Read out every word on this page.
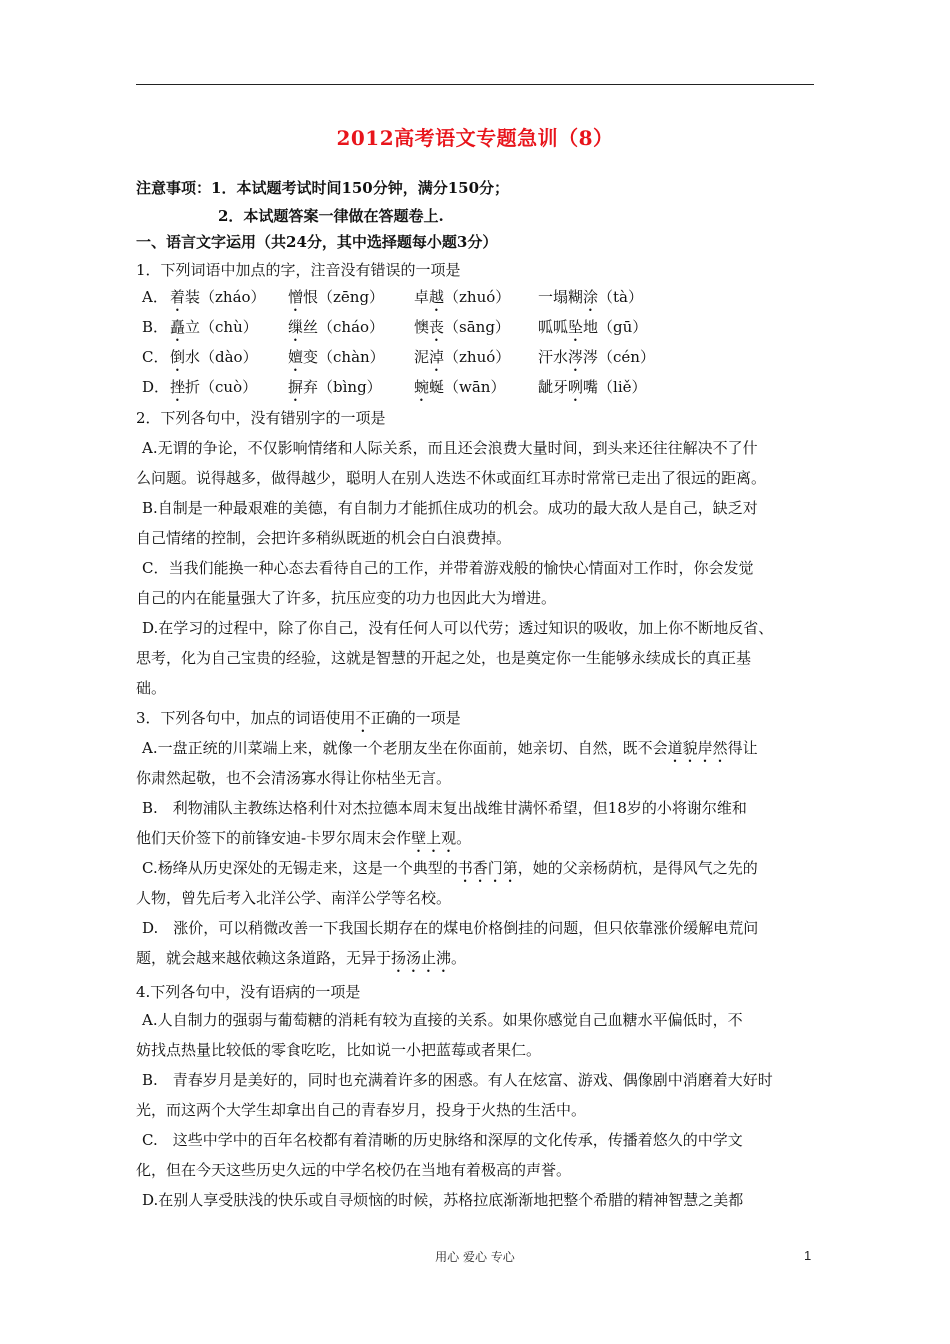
2012高考语文专题急训（8）
注意事项：1．本试题考试时间150分钟，满分150分；
2．本试题答案一律做在答题卷上.
一、语言文字运用（共24分，其中选择题每小题3分）
1．下列词语中加点的字，注音没有错误的一项是
A． 着装（zháo） 憎恨（zēng） 卓越（zhuó） 一塌糊涂（tà）
B． 矗立（chù） 缫丝（cháo） 懊丧（sāng） 呱呱坠地（gū）
C． 倒水（dào） 嬗变（chàn） 泥淖（zhuó） 汗水涔涔（cén）
D． 挫折（cuò） 摒弃（bìng） 蜿蜒（wān） 龇牙咧嘴（liě）
2．下列各句中，没有错别字的一项是
A.无谓的争论，不仅影响情绪和人际关系，而且还会浪费大量时间，到头来还往往解决不了什
么问题。说得越多，做得越少，聪明人在别人迭迭不休或面红耳赤时常常已走出了很远的距离。
B.自制是一种最艰难的美德，有自制力才能抓住成功的机会。成功的最大敌人是自己，缺乏对
自己情绪的控制，会把许多稍纵既逝的机会白白浪费掉。
C．当我们能换一种心态去看待自己的工作，并带着游戏般的愉快心情面对工作时，你会发觉
自己的内在能量强大了许多，抗压应变的功力也因此大为增进。
D.在学习的过程中，除了你自己，没有任何人可以代劳；透过知识的吸收，加上你不断地反省、
思考，化为自己宝贵的经验，这就是智慧的开起之处，也是奠定你一生能够永续成长的真正基
础。
3．下列各句中，加点的词语使用不正确的一项是
A.一盘正统的川菜端上来，就像一个老朋友坐在你面前，她亲切、自然，既不会道貌岸然得让
你肃然起敬，也不会清汤寡水得让你枯坐无言。
B.　利物浦队主教练达格利什对杰拉德本周末复出战维甘满怀希望，但18岁的小将谢尔维和
他们天价签下的前锋安迪-卡罗尔周末会作壁上观。
C.杨绛从历史深处的无锡走来，这是一个典型的书香门第，她的父亲杨荫杭，是得风气之先的
人物，曾先后考入北洋公学、南洋公学等名校。
D.　涨价，可以稍微改善一下我国长期存在的煤电价格倒挂的问题，但只依靠涨价缓解电荒问
题，就会越来越依赖这条道路，无异于扬汤止沸。
4.下列各句中，没有语病的一项是
A.人自制力的强弱与葡萄糖的消耗有较为直接的关系。如果你感觉自己血糖水平偏低时，不
妨找点热量比较低的零食吃吃，比如说一小把蓝莓或者果仁。
B.　青春岁月是美好的，同时也充满着许多的困惑。有人在炫富、游戏、偶像剧中消磨着大好时
光，而这两个大学生却拿出自己的青春岁月，投身于火热的生活中。
C.　这些中学中的百年名校都有着清晰的历史脉络和深厚的文化传承，传播着悠久的中学文
化，但在今天这些历史久远的中学名校仍在当地有着极高的声誉。
D.在别人享受肤浅的快乐或自寻烦恼的时候，苏格拉底渐渐地把整个希腊的精神智慧之美都
用心 爱心 专心	1
